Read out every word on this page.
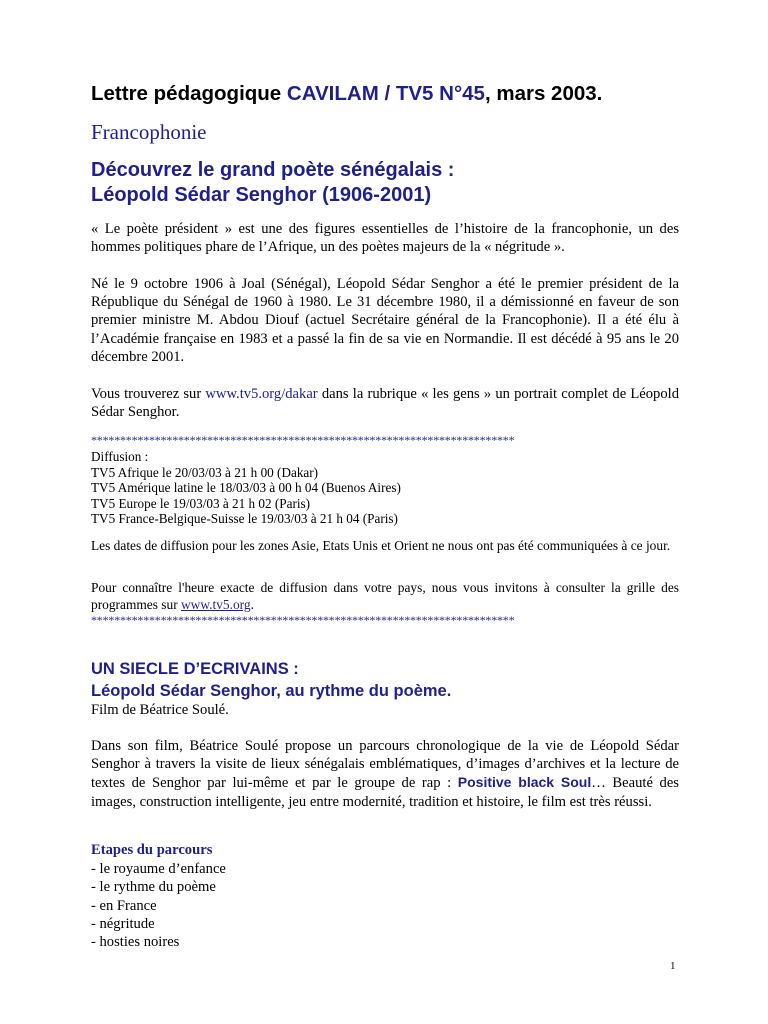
Lettre pédagogique CAVILAM / TV5 N°45, mars 2003.
Francophonie
Découvrez le grand poète sénégalais :
Léopold Sédar Senghor (1906-2001)

« Le poète président » est une des figures essentielles de l’histoire de la francophonie, un des hommes politiques phare de l’Afrique, un des poètes majeurs de la « négritude ».

Né le 9 octobre 1906 à Joal (Sénégal), Léopold Sédar Senghor a été le premier président de la République du Sénégal de 1960 à 1980. Le 31 décembre 1980, il a démissionné en faveur de son premier ministre M. Abdou Diouf (actuel Secrétaire général de la Francophonie). Il a été élu à l’Académie française en 1983 et a passé la fin de sa vie en Normandie. Il est décédé à 95 ans le 20 décembre 2001.

Vous trouverez sur www.tv5.org/dakar dans la rubrique « les gens » un portrait complet de Léopold Sédar Senghor.

*************************************************************************
Diffusion :
TV5 Afrique le 20/03/03 à 21 h 00 (Dakar)
TV5 Amérique latine le 18/03/03 à 00 h 04 (Buenos Aires)
TV5 Europe le 19/03/03 à 21 h 02 (Paris)
TV5 France-Belgique-Suisse le 19/03/03 à 21 h 04 (Paris)

Les dates de diffusion pour les zones Asie, Etats Unis et Orient ne nous ont pas été communiquées à ce jour.

Pour connaître l'heure exacte de diffusion dans votre pays, nous vous invitons à consulter la grille des programmes sur www.tv5.org.

*************************************************************************
UN SIECLE D’ECRIVAINS :
Léopold Sédar Senghor, au rythme du poème.

Film de Béatrice Soulé.

Dans son film, Béatrice Soulé propose un parcours chronologique de la vie de Léopold Sédar Senghor à travers la visite de lieux sénégalais emblématiques, d’images d’archives et la lecture de textes de Senghor par lui-même et par le groupe de rap : Positive black Soul… Beauté des images, construction intelligente, jeu entre modernité, tradition et histoire, le film est très réussi.

Etapes du parcours
- le royaume d’enfance
- le rythme du poème
- en France
- négritude
- hosties noires
1
